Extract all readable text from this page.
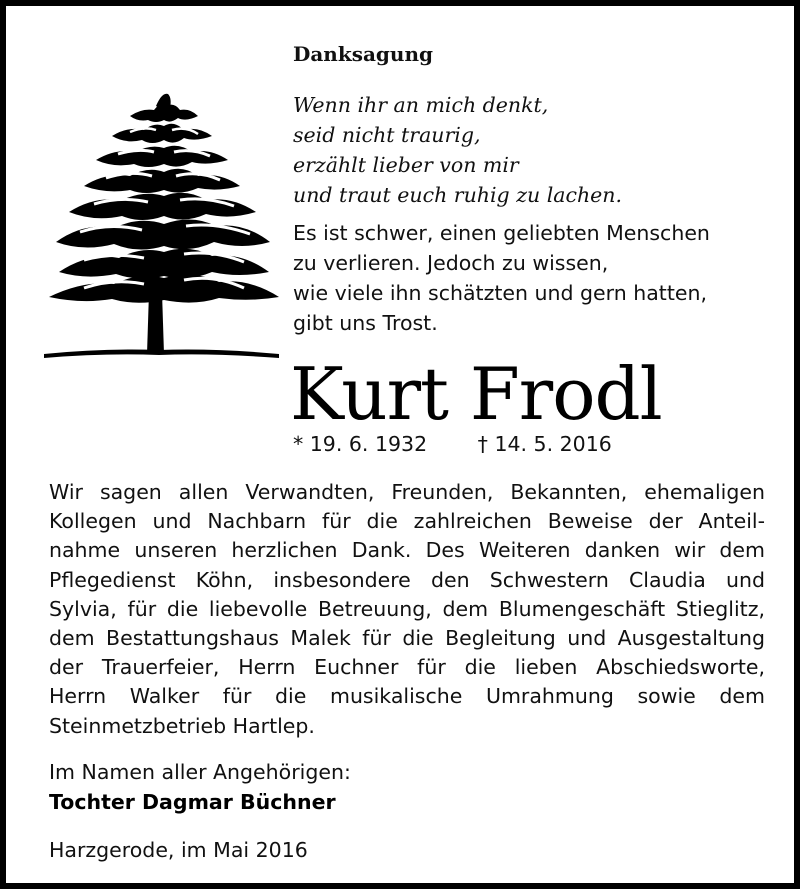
Danksagung
Wenn ihr an mich denkt,
seid nicht traurig,
erzählt lieber von mir
und traut euch ruhig zu lachen.
Es ist schwer, einen geliebten Menschen
zu verlieren. Jedoch zu wissen,
wie viele ihn schätzten und gern hatten,
gibt uns Trost.
Kurt Frodl
* 19. 6. 1932 † 14. 5. 2016
Wir sagen allen Verwandten, Freunden, Bekannten, ehemaligen
Kollegen und Nachbarn für die zahlreichen Beweise der Anteil-
nahme unseren herzlichen Dank. Des Weiteren danken wir dem
Pflegedienst Köhn, insbesondere den Schwestern Claudia und
Sylvia, für die liebevolle Betreuung, dem Blumengeschäft Stieglitz,
dem Bestattungshaus Malek für die Begleitung und Ausgestaltung
der Trauerfeier, Herrn Euchner für die lieben Abschiedsworte,
Herrn Walker für die musikalische Umrahmung sowie dem
Steinmetzbetrieb Hartlep.
Im Namen aller Angehörigen:
Tochter Dagmar Büchner
Harzgerode, im Mai 2016
